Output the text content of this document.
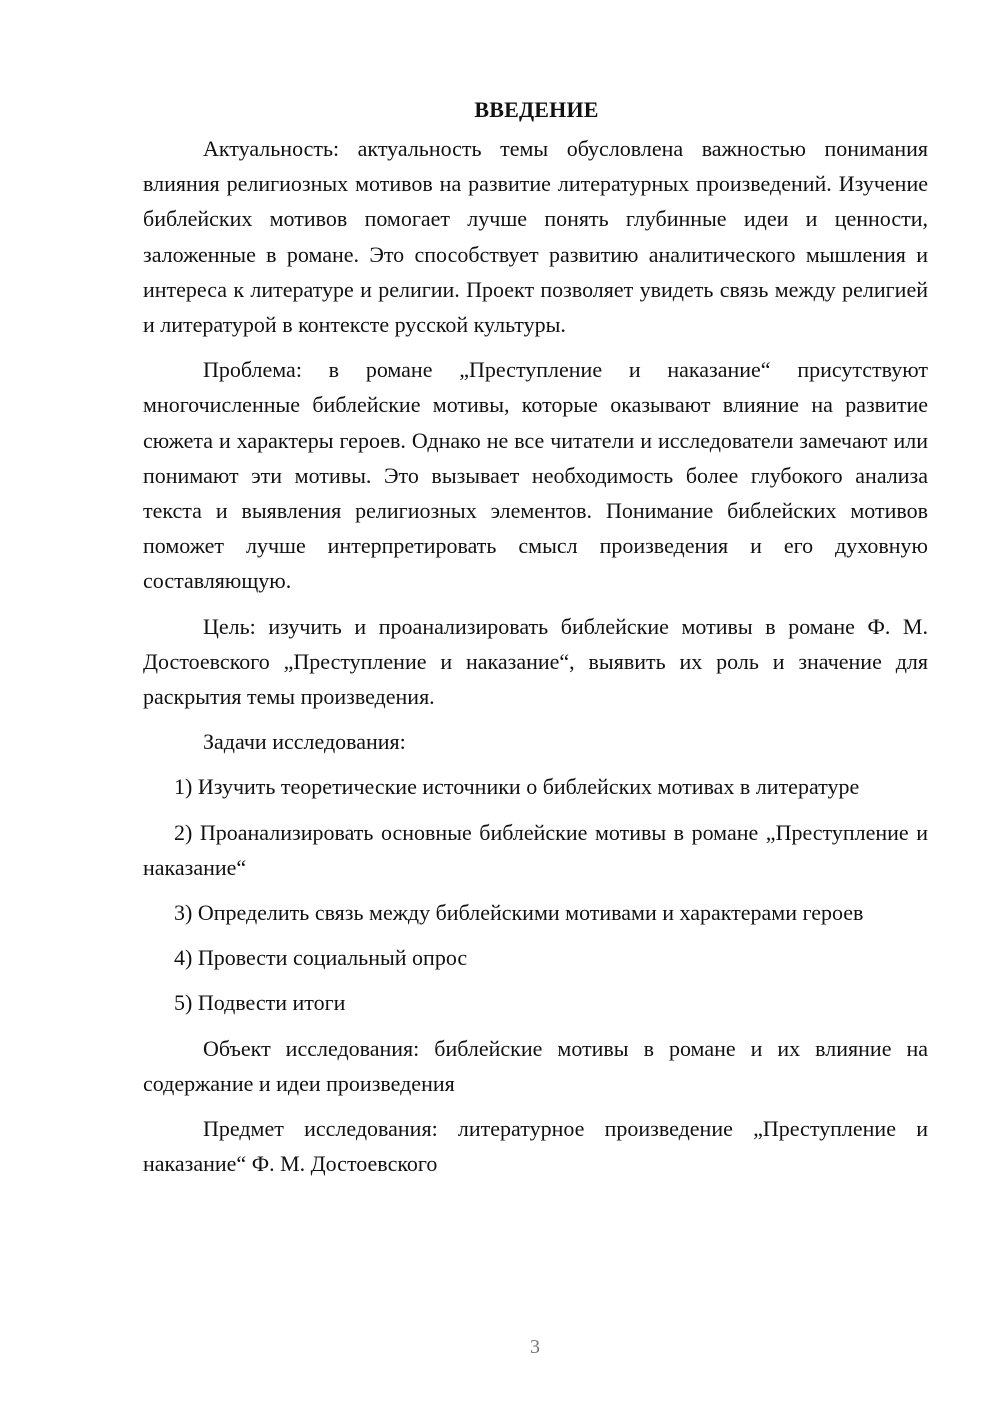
ВВЕДЕНИЕ

Актуальность: актуальность темы обусловлена важностью понимания влияния религиозных мотивов на развитие литературных произведений. Изучение библейских мотивов помогает лучше понять глубинные идеи и ценности, заложенные в романе. Это способствует развитию аналитического мышления и интереса к литературе и религии. Проект позволяет увидеть связь между религией и литературой в контексте русской культуры.

Проблема: в романе „Преступление и наказание“ присутствуют многочисленные библейские мотивы, которые оказывают влияние на развитие сюжета и характеры героев. Однако не все читатели и исследователи замечают или понимают эти мотивы. Это вызывает необходимость более глубокого анализа текста и выявления религиозных элементов. Понимание библейских мотивов поможет лучше интерпретировать смысл произведения и его духовную составляющую.

Цель: изучить и проанализировать библейские мотивы в романе Ф. М. Достоевского „Преступление и наказание“, выявить их роль и значение для раскрытия темы произведения.

Задачи исследования:

1) Изучить теоретические источники о библейских мотивах в литературе

2) Проанализировать основные библейские мотивы в романе „Преступление и наказание“

3) Определить связь между библейскими мотивами и характерами героев

4) Провести социальный опрос

5) Подвести итоги

Объект исследования: библейские мотивы в романе и их влияние на содержание и идеи произведения

Предмет исследования: литературное произведение „Преступление и наказание“ Ф. М. Достоевского

3
